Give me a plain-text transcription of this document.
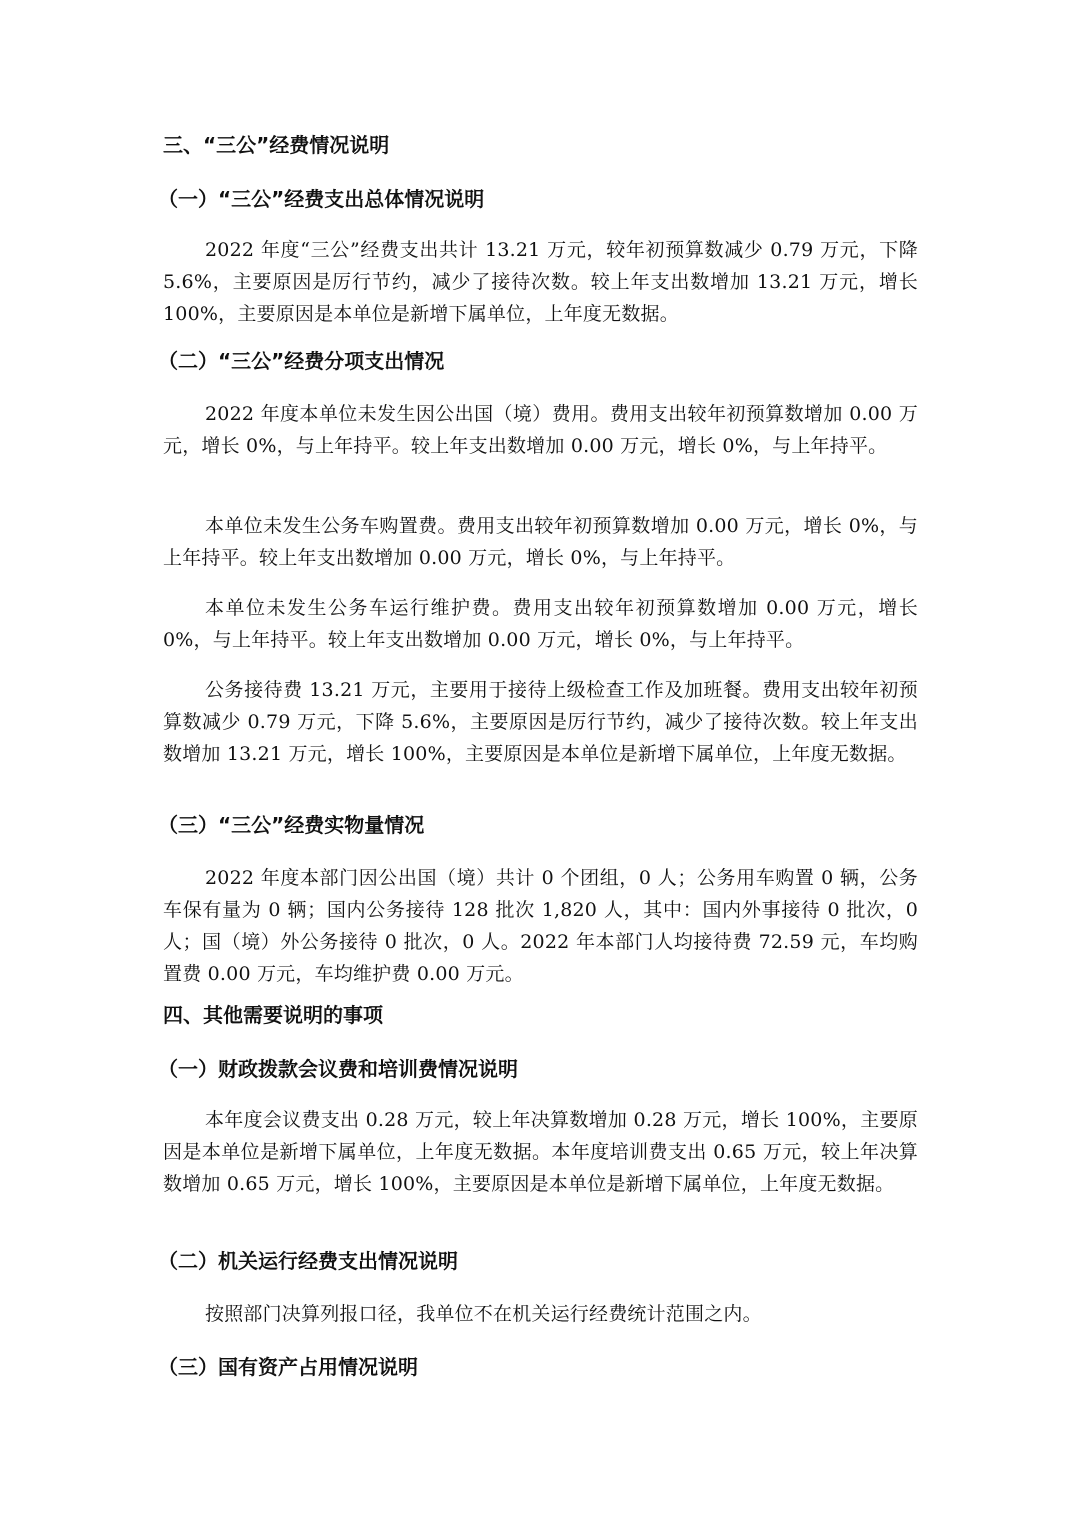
三、“三公”经费情况说明
（一）“三公”经费支出总体情况说明
2022 年度“三公”经费支出共计 13.21 万元，较年初预算数减少 0.79 万元，下降 5.6%，主要原因是厉行节约，减少了接待次数。较上年支出数增加 13.21 万元，增长 100%，主要原因是本单位是新增下属单位，上年度无数据。
（二）“三公”经费分项支出情况
2022 年度本单位未发生因公出国（境）费用。费用支出较年初预算数增加 0.00 万元，增长 0%，与上年持平。较上年支出数增加 0.00 万元，增长 0%，与上年持平。
本单位未发生公务车购置费。费用支出较年初预算数增加 0.00 万元，增长 0%，与上年持平。较上年支出数增加 0.00 万元，增长 0%，与上年持平。
本单位未发生公务车运行维护费。费用支出较年初预算数增加 0.00 万元，增长 0%，与上年持平。较上年支出数增加 0.00 万元，增长 0%，与上年持平。
公务接待费 13.21 万元，主要用于接待上级检查工作及加班餐。费用支出较年初预算数减少 0.79 万元，下降 5.6%，主要原因是厉行节约，减少了接待次数。较上年支出数增加 13.21 万元，增长 100%，主要原因是本单位是新增下属单位，上年度无数据。
（三）“三公”经费实物量情况
2022 年度本部门因公出国（境）共计 0 个团组，0 人；公务用车购置 0 辆，公务车保有量为 0 辆；国内公务接待 128 批次 1,820 人，其中：国内外事接待 0 批次，0 人；国（境）外公务接待 0 批次，0 人。2022 年本部门人均接待费 72.59 元，车均购置费 0.00 万元，车均维护费 0.00 万元。
四、其他需要说明的事项
（一）财政拨款会议费和培训费情况说明
本年度会议费支出 0.28 万元，较上年决算数增加 0.28 万元，增长 100%，主要原因是本单位是新增下属单位，上年度无数据。本年度培训费支出 0.65 万元，较上年决算数增加 0.65 万元，增长 100%，主要原因是本单位是新增下属单位，上年度无数据。
（二）机关运行经费支出情况说明
按照部门决算列报口径，我单位不在机关运行经费统计范围之内。
（三）国有资产占用情况说明
